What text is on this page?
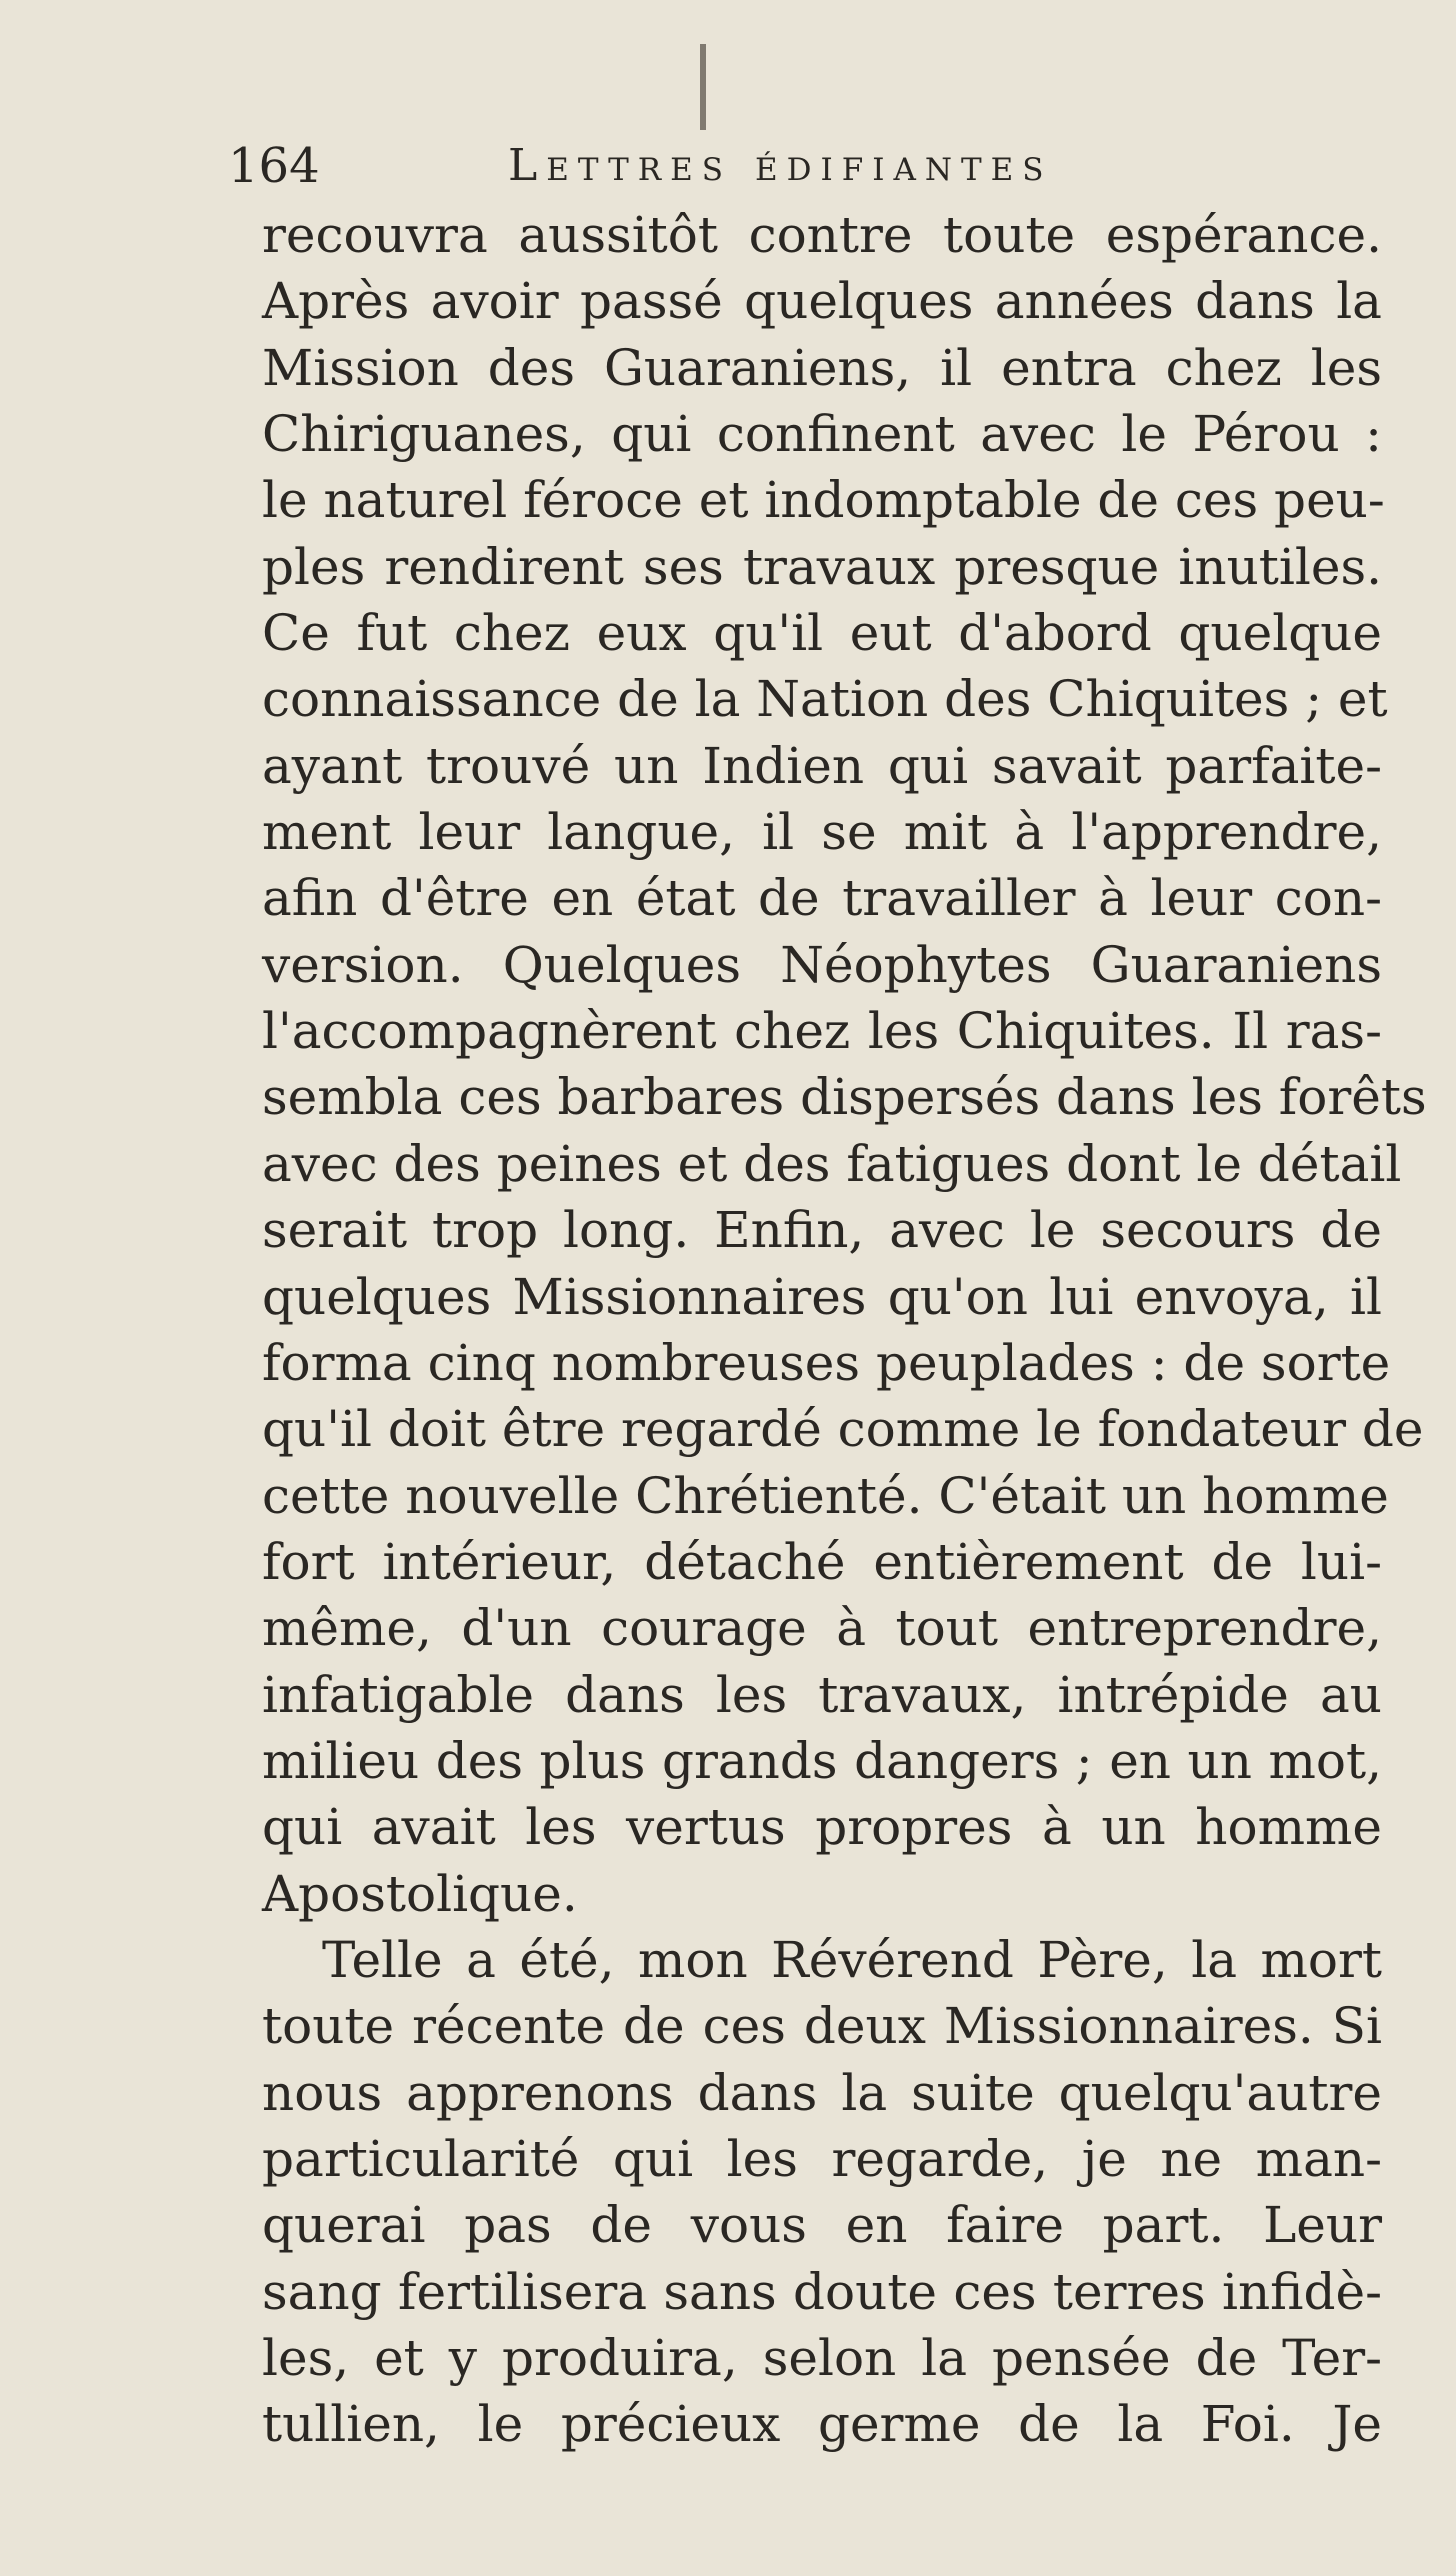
164	Lettres édifiantes
recouvra aussitôt contre toute espérance.
Après avoir passé quelques années dans la
Mission des Guaraniens, il entra chez les
Chiriguanes, qui confinent avec le Pérou :
le naturel féroce et indomptable de ces peu-
ples rendirent ses travaux presque inutiles.
Ce fut chez eux qu'il eut d'abord quelque
connaissance de la Nation des Chiquites ; et
ayant trouvé un Indien qui savait parfaite-
ment leur langue, il se mit à l'apprendre,
afin d'être en état de travailler à leur con-
version. Quelques Néophytes Guaraniens
l'accompagnèrent chez les Chiquites. Il ras-
sembla ces barbares dispersés dans les forêts
avec des peines et des fatigues dont le détail
serait trop long. Enfin, avec le secours de
quelques Missionnaires qu'on lui envoya, il
forma cinq nombreuses peuplades : de sorte
qu'il doit être regardé comme le fondateur de
cette nouvelle Chrétienté. C'était un homme
fort intérieur, détaché entièrement de lui-
même, d'un courage à tout entreprendre,
infatigable dans les travaux, intrépide au
milieu des plus grands dangers ; en un mot,
qui avait les vertus propres à un homme
Apostolique.
Telle a été, mon Révérend Père, la mort
toute récente de ces deux Missionnaires. Si
nous apprenons dans la suite quelqu'autre
particularité qui les regarde, je ne man-
querai pas de vous en faire part. Leur
sang fertilisera sans doute ces terres infidè-
les, et y produira, selon la pensée de Ter-
tullien, le précieux germe de la Foi. Je
